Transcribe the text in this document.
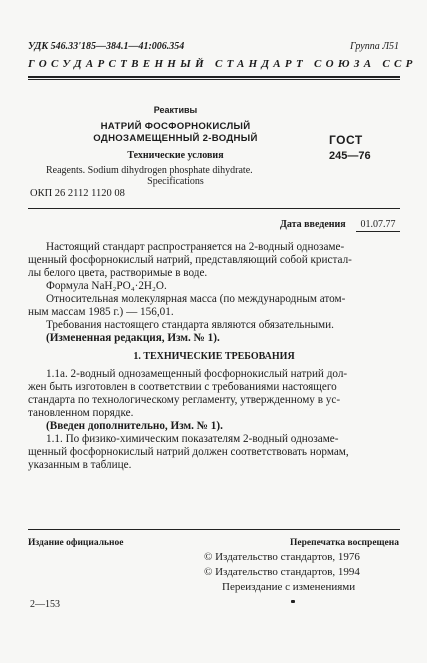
УДК 546.33'185—384.1—41:006.354	Группа Л51
ГОСУДАРСТВЕННЫЙ СТАНДАРТ СОЮЗА ССР
Реактивы
НАТРИЙ ФОСФОРНОКИСЛЫЙ
ОДНОЗАМЕЩЕННЫЙ 2-ВОДНЫЙ
Технические условия
Reagents. Sodium dihydrogen phosphate dihydrate.
Specifications
ОКП 26 2112 1120 08
ГОСТ
245—76
Дата введения	01.07.77
Настоящий стандарт распространяется на 2-водный однозаме-
щенный фосфорнокислый натрий, представляющий собой кристал-
лы белого цвета, растворимые в воде.
Формула NaH₂PO₄·2H₂O.
Относительная молекулярная масса (по международным атом-
ным массам 1985 г.) — 156,01.
Требования настоящего стандарта являются обязательными.
(Измененная редакция, Изм. № 1).
1. ТЕХНИЧЕСКИЕ ТРЕБОВАНИЯ
1.1а. 2-водный однозамещенный фосфорнокислый натрий дол-
жен быть изготовлен в соответствии с требованиями настоящего
стандарта по технологическому регламенту, утвержденному в ус-
тановленном порядке.
(Введен дополнительно, Изм. № 1).
1.1. По физико-химическим показателям 2-водный однозаме-
щенный фосфорнокислый натрий должен соответствовать нормам,
указанным в таблице.
Издание официальное	Перепечатка воспрещена
© Издательство стандартов, 1976
© Издательство стандартов, 1994
Переиздание с изменениями
2—153
